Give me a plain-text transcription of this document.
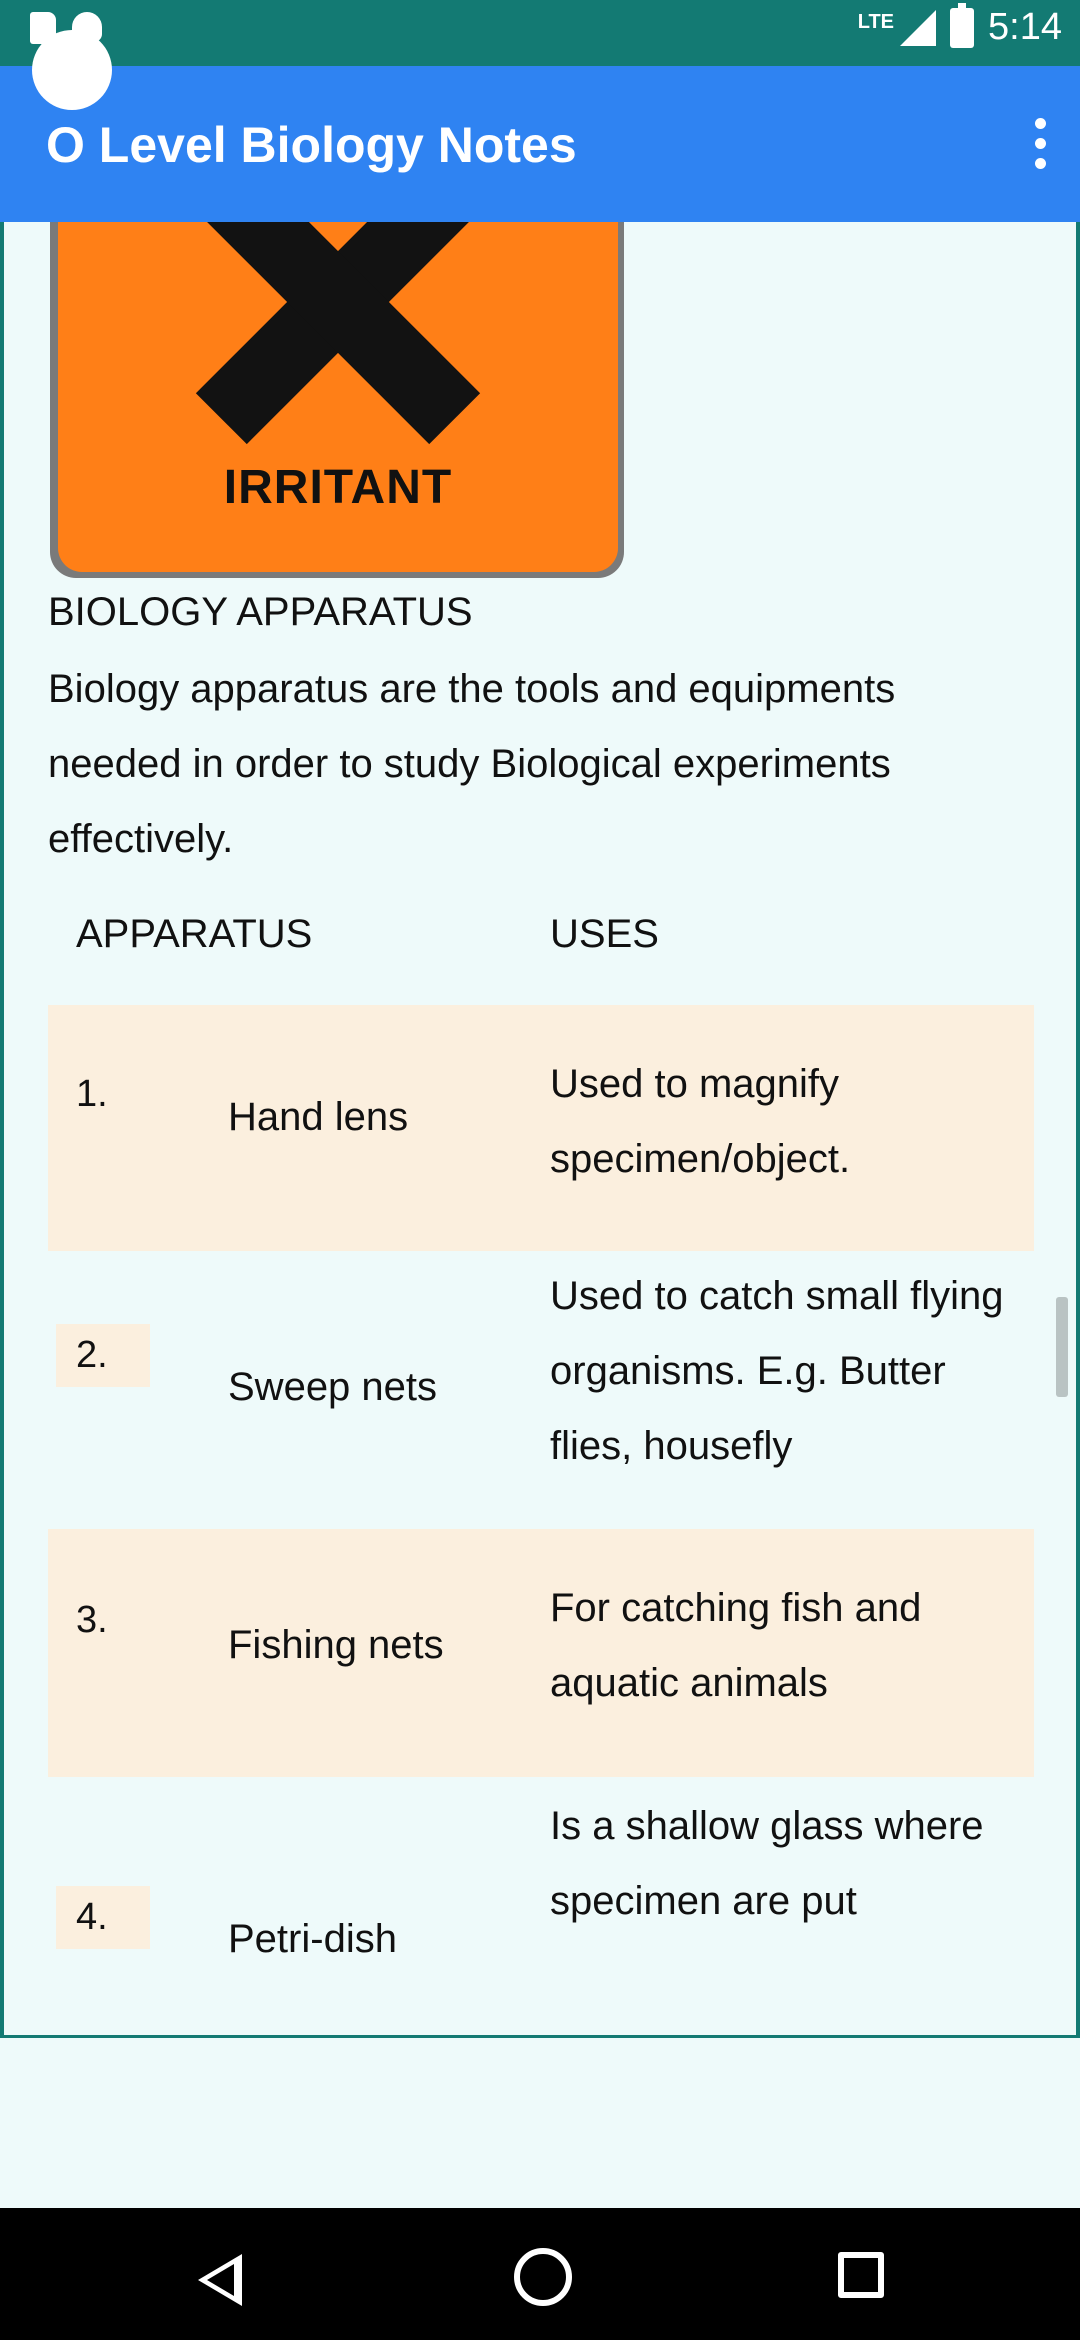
LTE 5:14
O Level Biology Notes
IRRITANT
BIOLOGY APPARATUS
Biology apparatus are the tools and equipments needed in order to study Biological experiments effectively.
APPARATUS	USES
1.
Hand lens
Used to magnify specimen/object.
2.
Sweep nets
Used to catch small flying organisms. E.g. Butter flies, housefly
3.
Fishing nets
For catching fish and aquatic animals
4.	Petri-dish
Is a shallow glass where specimen are put
